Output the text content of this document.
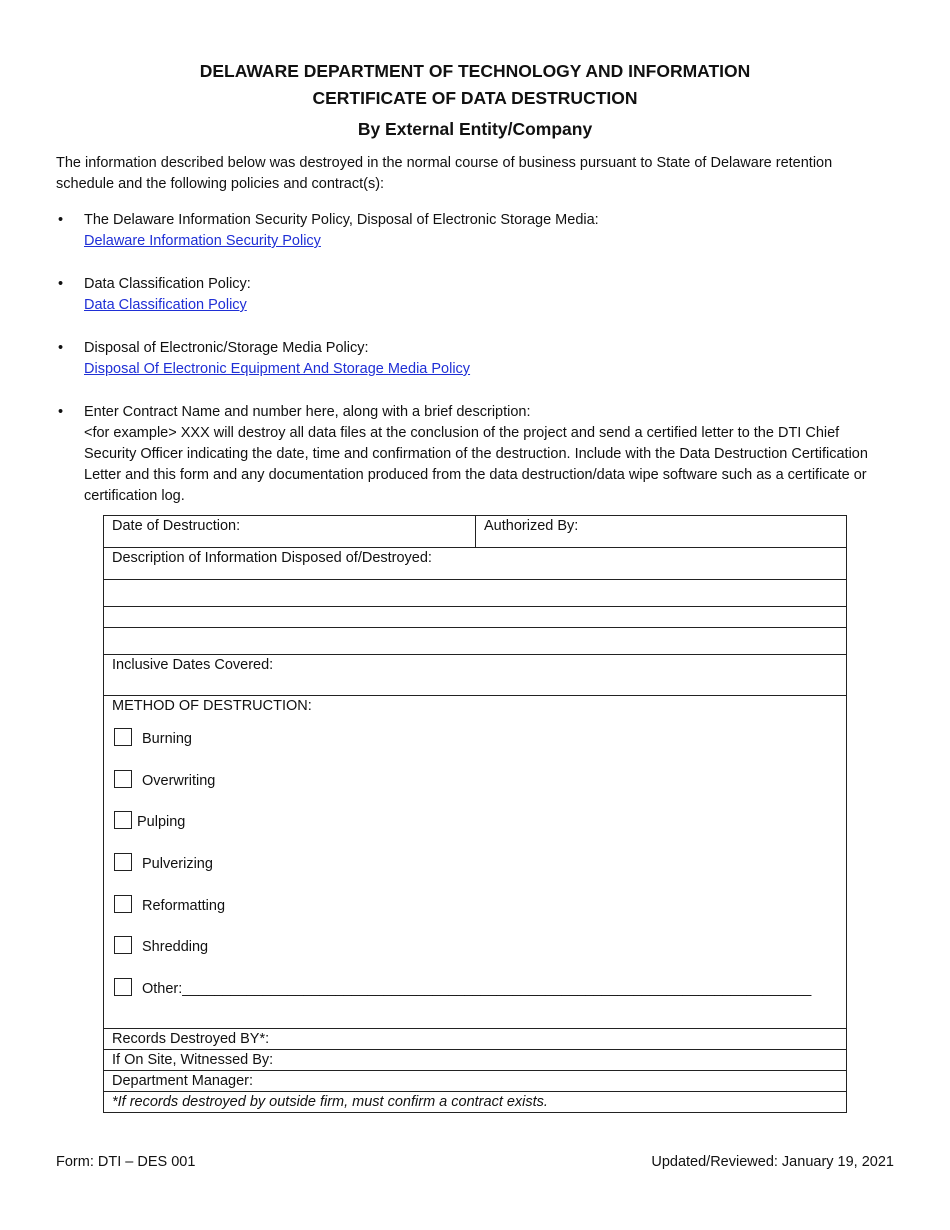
DELAWARE DEPARTMENT OF TECHNOLOGY AND INFORMATION
CERTIFICATE OF DATA DESTRUCTION
By External Entity/Company
The information described below was destroyed in the normal course of business pursuant to State of Delaware retention schedule and the following policies and contract(s):
• The Delaware Information Security Policy, Disposal of Electronic Storage Media:
Delaware Information Security Policy
• Data Classification Policy:
Data Classification Policy
• Disposal of Electronic/Storage Media Policy:
Disposal Of Electronic Equipment And Storage Media Policy
• Enter Contract Name and number here, along with a brief description:
<for example> XXX will destroy all data files at the conclusion of the project and send a certified letter to the DTI Chief Security Officer indicating the date, time and confirmation of the destruction. Include with the Data Destruction Certification Letter and this form and any documentation produced from the data destruction/data wipe software such as a certificate or certification log.
Date of Destruction:	Authorized By:
Description of Information Disposed of/Destroyed:

Inclusive Dates Covered:

METHOD OF DESTRUCTION:
Burning
Overwriting
Pulping
Pulverizing
Reformatting
Shredding
Other:______________________________________________________________________________

Records Destroyed BY*:
If On Site, Witnessed By:
Department Manager:
*If records destroyed by outside firm, must confirm a contract exists.
Form: DTI – DES 001	Updated/Reviewed: January 19, 2021
